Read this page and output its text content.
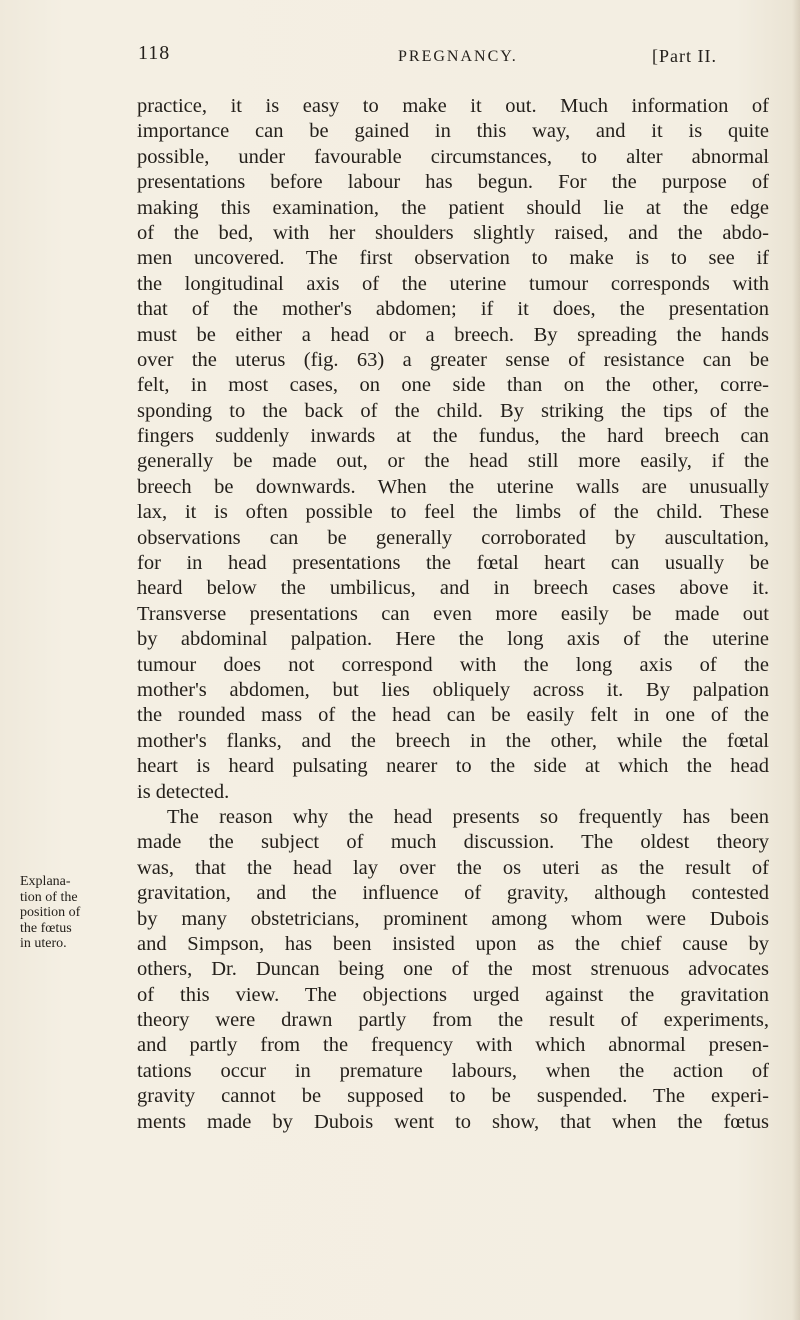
118	PREGNANCY.	[Part II.
Explana-
tion of the
position of
the fœtus
in utero.
practice, it is easy to make it out. Much information of
importance can be gained in this way, and it is quite
possible, under favourable circumstances, to alter abnormal
presentations before labour has begun. For the purpose of
making this examination, the patient should lie at the edge
of the bed, with her shoulders slightly raised, and the abdo-
men uncovered. The first observation to make is to see if
the longitudinal axis of the uterine tumour corresponds with
that of the mother's abdomen; if it does, the presentation
must be either a head or a breech. By spreading the hands
over the uterus (fig. 63) a greater sense of resistance can be
felt, in most cases, on one side than on the other, corre-
sponding to the back of the child. By striking the tips of the
fingers suddenly inwards at the fundus, the hard breech can
generally be made out, or the head still more easily, if the
breech be downwards. When the uterine walls are unusually
lax, it is often possible to feel the limbs of the child. These
observations can be generally corroborated by auscultation,
for in head presentations the fœtal heart can usually be
heard below the umbilicus, and in breech cases above it.
Transverse presentations can even more easily be made out
by abdominal palpation. Here the long axis of the uterine
tumour does not correspond with the long axis of the
mother's abdomen, but lies obliquely across it. By palpation
the rounded mass of the head can be easily felt in one of the
mother's flanks, and the breech in the other, while the fœtal
heart is heard pulsating nearer to the side at which the head
is detected.
The reason why the head presents so frequently has been
made the subject of much discussion. The oldest theory
was, that the head lay over the os uteri as the result of
gravitation, and the influence of gravity, although contested
by many obstetricians, prominent among whom were Dubois
and Simpson, has been insisted upon as the chief cause by
others, Dr. Duncan being one of the most strenuous advocates
of this view. The objections urged against the gravitation
theory were drawn partly from the result of experiments,
and partly from the frequency with which abnormal presen-
tations occur in premature labours, when the action of
gravity cannot be supposed to be suspended. The experi-
ments made by Dubois went to show, that when the fœtus
